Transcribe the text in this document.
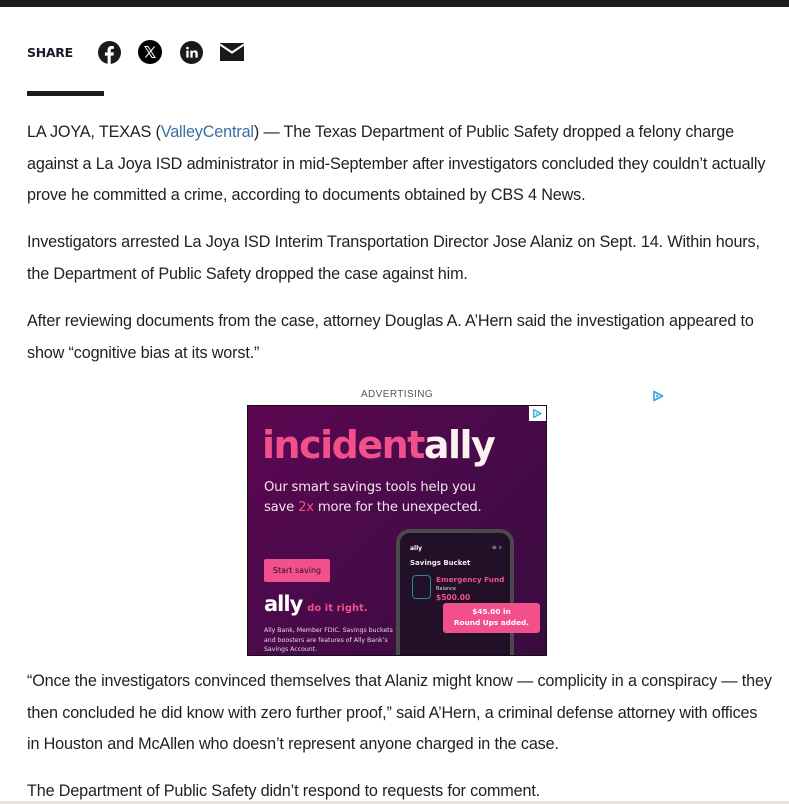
SHARE

LA JOYA, TEXAS (ValleyCentral) — The Texas Department of Public Safety dropped a felony charge against a La Joya ISD administrator in mid-September after investigators concluded they couldn’t actually prove he committed a crime, according to documents obtained by CBS 4 News.

Investigators arrested La Joya ISD Interim Transportation Director Jose Alaniz on Sept. 14. Within hours, the Department of Public Safety dropped the case against him.

After reviewing documents from the case, attorney Douglas A. A’Hern said the investigation appeared to show “cognitive bias at its worst.”

ADVERTISING
incidentally
Our smart savings tools help you
save 2x more for the unexpected.
Start saving
ally do it right.
Ally Bank, Member FDIC. Savings buckets and boosters are features of Ally Bank’s Savings Account.
ally	≡ ⌕
Savings Bucket
Emergency Fund
Balance
$500.00
$45.00 in
Round Ups added.

“Once the investigators convinced themselves that Alaniz might know — complicity in a conspiracy — they then concluded he did know with zero further proof,” said A’Hern, a criminal defense attorney with offices in Houston and McAllen who doesn’t represent anyone charged in the case.

The Department of Public Safety didn’t respond to requests for comment.
